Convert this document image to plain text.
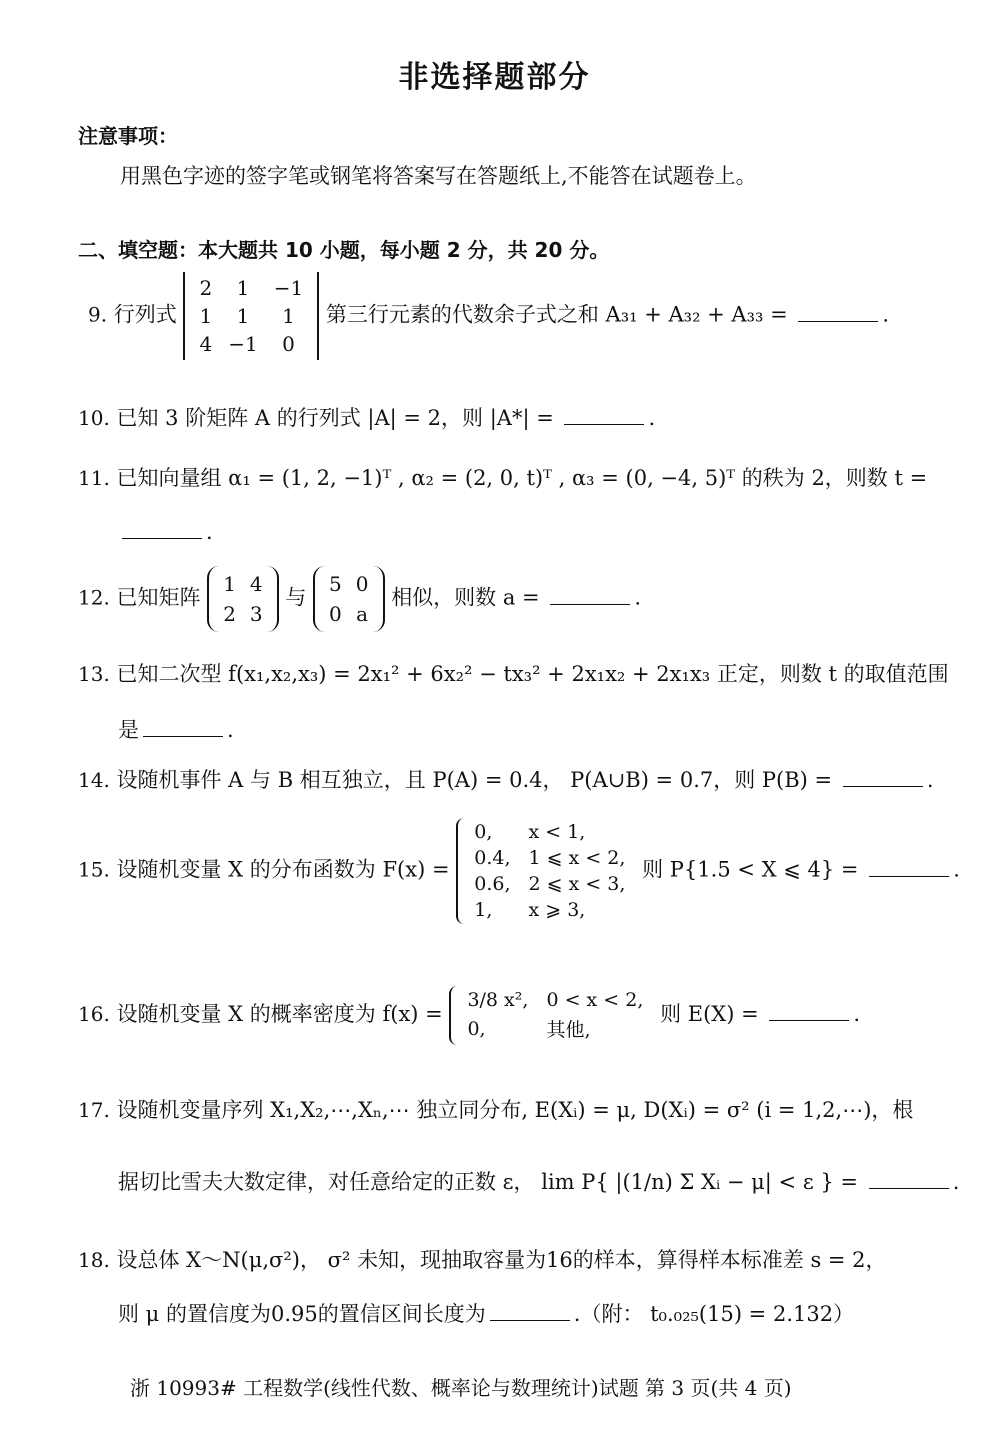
非选择题部分
注意事项：
用黑色字迹的签字笔或钢笔将答案写在答题纸上,不能答在试题卷上。
二、填空题：本大题共 10 小题，每小题 2 分，共 20 分。
9. 行列式
2	1	−1
1	1	1
4	−1	0
第三行元素的代数余子式之和 A₃₁ + A₃₂ + A₃₃ =	.
10. 已知 3 阶矩阵 A 的行列式 |A| = 2，则 |A*| =	.
11. 已知向量组 α₁ = (1, 2, −1)ᵀ , α₂ = (2, 0, t)ᵀ , α₃ = (0, −4, 5)ᵀ 的秩为 2，则数 t =
.
12. 已知矩阵
1	4
2	3
与
5	0
0	a
相似，则数 a =	.
13. 已知二次型 f(x₁,x₂,x₃) = 2x₁² + 6x₂² − tx₃² + 2x₁x₂ + 2x₁x₃ 正定，则数 t 的取值范围
是	.
14. 设随机事件 A 与 B 相互独立，且 P(A) = 0.4， P(A∪B) = 0.7，则 P(B) =	.
15. 设随机变量 X 的分布函数为 F(x) =
0,	x < 1,
0.4,	1 ⩽ x < 2,
0.6,	2 ⩽ x < 3,
1,	x ⩾ 3,
则 P{1.5 < X ⩽ 4} =	.
16. 设随机变量 X 的概率密度为 f(x) =
3/8 x²,	0 < x < 2,
0,	其他,
则 E(X) =	.
17. 设随机变量序列 X₁,X₂,⋯,Xₙ,⋯ 独立同分布, E(Xᵢ) = μ, D(Xᵢ) = σ² (i = 1,2,⋯)，根
据切比雪夫大数定律，对任意给定的正数 ε， lim P{ |(1/n) Σ Xᵢ − μ| < ε } =	.
18. 设总体 X～N(μ,σ²)， σ² 未知，现抽取容量为16的样本，算得样本标准差 s = 2，
则 μ 的置信度为0.95的置信区间长度为	.（附： t₀.₀₂₅(15) = 2.132）
浙 10993# 工程数学(线性代数、概率论与数理统计)试题 第 3 页(共 4 页)
